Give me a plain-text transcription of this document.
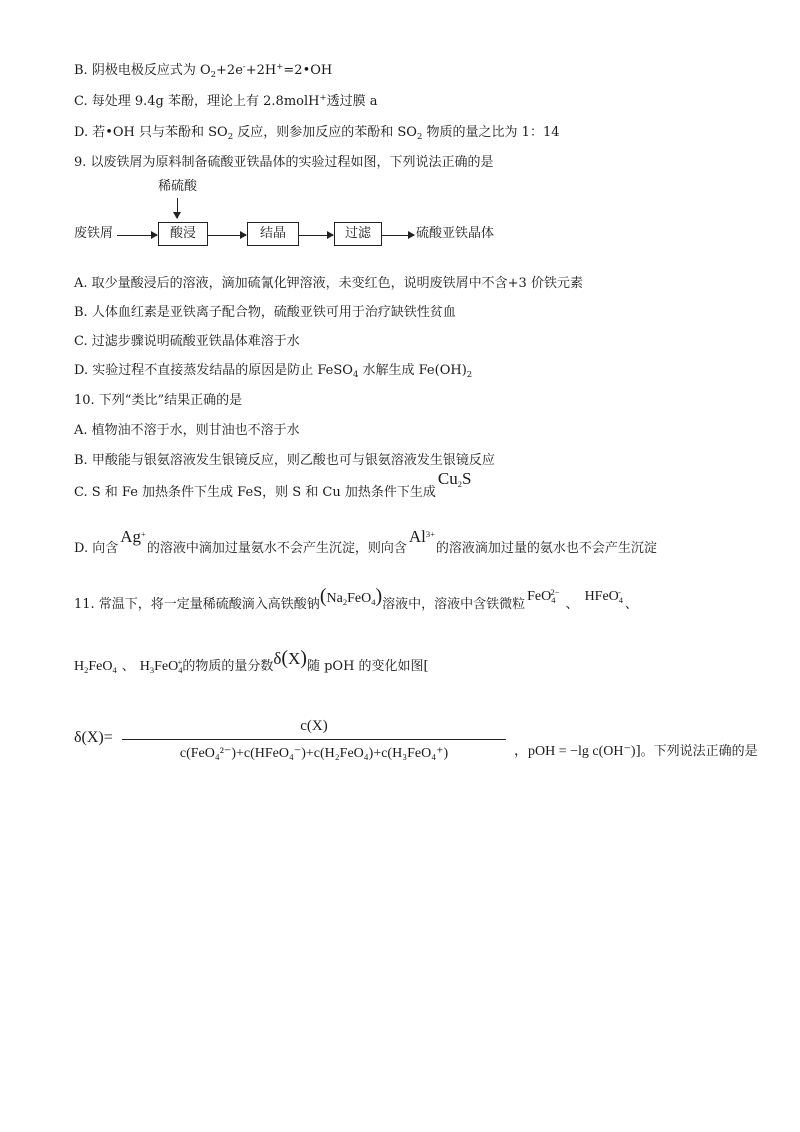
B. 阴极电极反应式为 $O_2+2e^-+2H^+=2•OH$
C. 每处理 9.4g 苯酚，理论上有 2.8molH+透过膜 a
D. 若•OH 只与苯酚和 $SO_2$ 反应，则参加反应的苯酚和 $SO_2$ 物质的量之比为 1：14
9. 以废铁屑为原料制备硫酸亚铁晶体的实验过程如图，下列说法正确的是
稀硫酸
废铁屑	酸浸	结晶	过滤	硫酸亚铁晶体
A. 取少量酸浸后的溶液，滴加硫氰化钾溶液，未变红色，说明废铁屑中不含+3 价铁元素
B. 人体血红素是亚铁离子配合物，硫酸亚铁可用于治疗缺铁性贫血
C. 过滤步骤说明硫酸亚铁晶体难溶于水
D. 实验过程不直接蒸发结晶的原因是防止 FeSO$_4$ 水解生成 $Fe(OH)_2$
10. 下列“类比”结果正确的是
A. 植物油不溶于水，则甘油也不溶于水
B. 甲酸能与银氨溶液发生银镜反应，则乙酸也可与银氨溶液发生银镜反应
C. S 和 Fe 加热条件下生成 FeS，则 S 和 Cu 加热条件下生成$Cu_2S$
D. 向含Ag+的溶液中滴加过量氨水不会产生沉淀，则向含$Al^{3+}$的溶液滴加过量的氨水也不会产生沉淀
11. 常温下，将一定量稀硫酸滴入高铁酸钠$(Na_2FeO_4)$溶液中，溶液中含铁微粒FeO$_4^{2-}$、HFeO$_4$-、
$H_2FeO_4$ 、 $H_3FeO_4^+$的物质的量分数δ(X)随 pOH 的变化如图[
δ(X)=
c(X)
c(FeO₄²⁻)+c(HFeO₄⁻)+c(H₂FeO₄)+c(H₃FeO₄⁺)	，pOH = −lg c(OH⁻)]。下列说法正确的是
